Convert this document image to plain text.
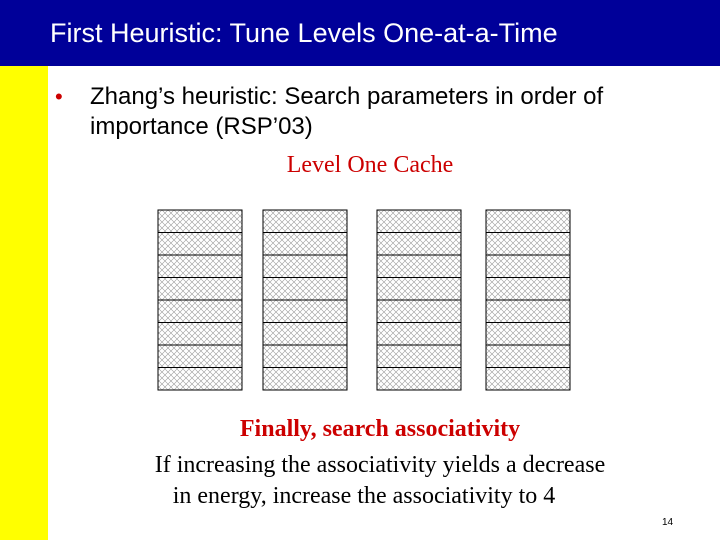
First Heuristic: Tune Levels One-at-a-Time
• Zhang’s heuristic: Search parameters in order of importance (RSP’03)
Level One Cache
Finally, search associativity
If increasing the associativity yields a decrease
in energy, increase the associativity to 4
14
